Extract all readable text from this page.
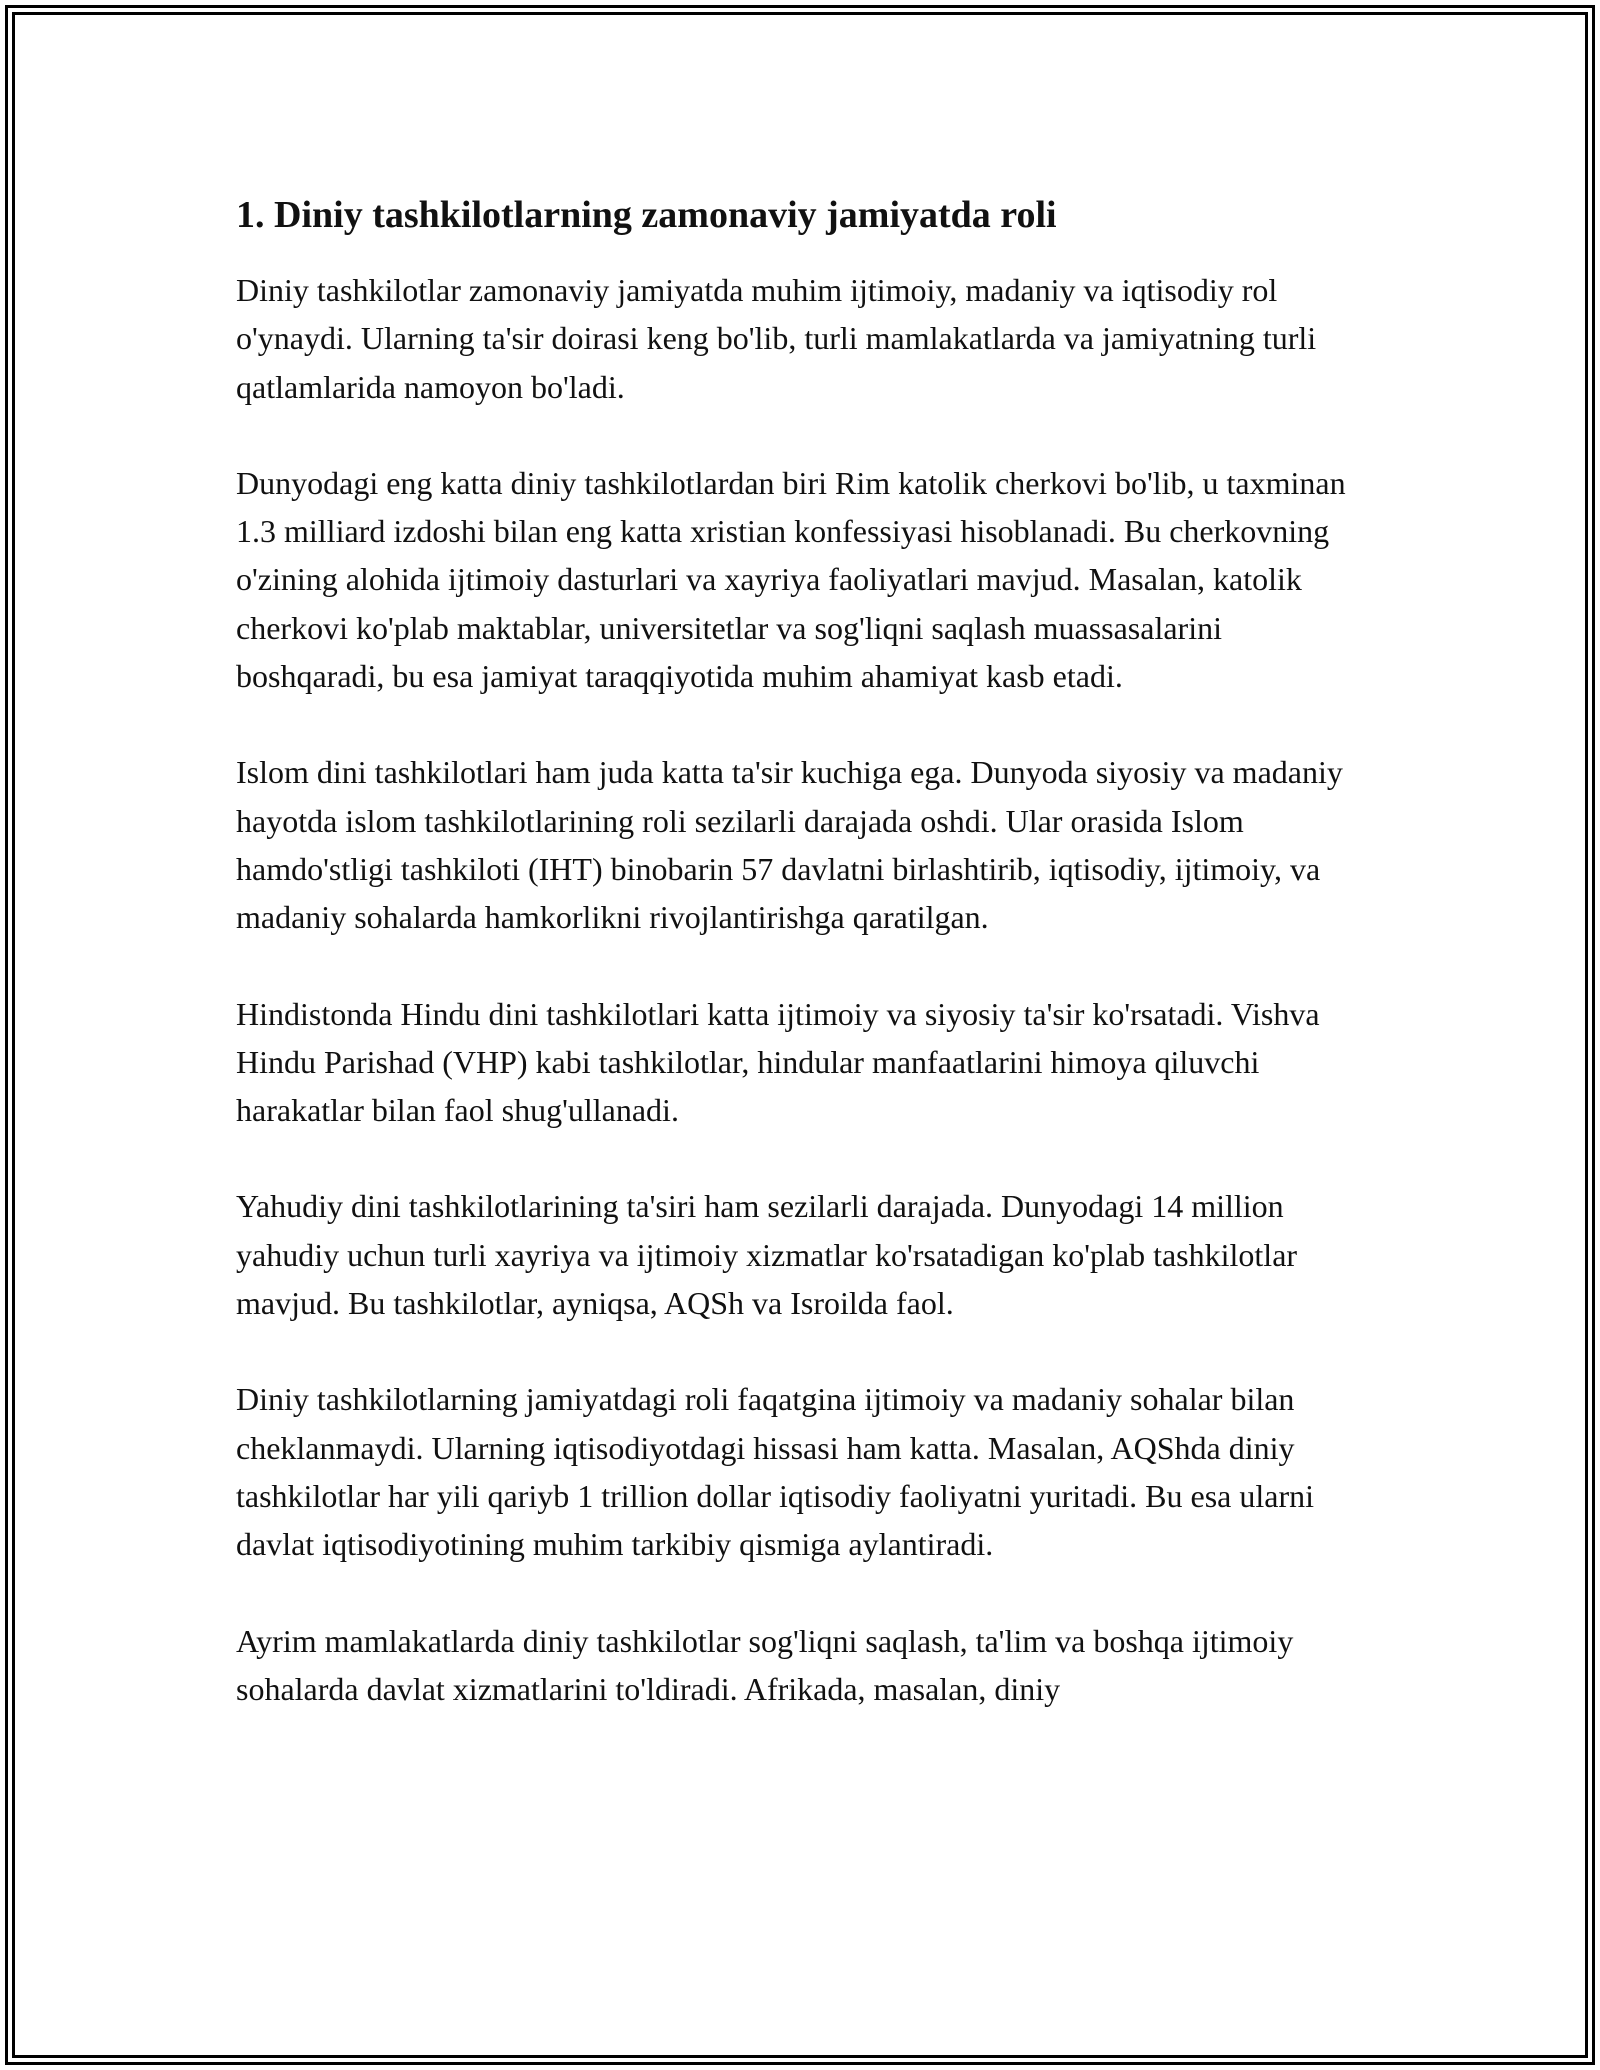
1. Diniy tashkilotlarning zamonaviy jamiyatda roli

Diniy tashkilotlar zamonaviy jamiyatda muhim ijtimoiy, madaniy va iqtisodiy rol o'ynaydi. Ularning ta'sir doirasi keng bo'lib, turli mamlakatlarda va jamiyatning turli qatlamlarida namoyon bo'ladi.

Dunyodagi eng katta diniy tashkilotlardan biri Rim katolik cherkovi bo'lib, u taxminan 1.3 milliard izdoshi bilan eng katta xristian konfessiyasi hisoblanadi. Bu cherkovning o'zining alohida ijtimoiy dasturlari va xayriya faoliyatlari mavjud. Masalan, katolik cherkovi ko'plab maktablar, universitetlar va sog'liqni saqlash muassasalarini boshqaradi, bu esa jamiyat taraqqiyotida muhim ahamiyat kasb etadi.

Islom dini tashkilotlari ham juda katta ta'sir kuchiga ega. Dunyoda siyosiy va madaniy hayotda islom tashkilotlarining roli sezilarli darajada oshdi. Ular orasida Islom hamdo'stligi tashkiloti (IHT) binobarin 57 davlatni birlashtirib, iqtisodiy, ijtimoiy, va madaniy sohalarda hamkorlikni rivojlantirishga qaratilgan.

Hindistonda Hindu dini tashkilotlari katta ijtimoiy va siyosiy ta'sir ko'rsatadi. Vishva Hindu Parishad (VHP) kabi tashkilotlar, hindular manfaatlarini himoya qiluvchi harakatlar bilan faol shug'ullanadi.

Yahudiy dini tashkilotlarining ta'siri ham sezilarli darajada. Dunyodagi 14 million yahudiy uchun turli xayriya va ijtimoiy xizmatlar ko'rsatadigan ko'plab tashkilotlar mavjud. Bu tashkilotlar, ayniqsa, AQSh va Isroilda faol.

Diniy tashkilotlarning jamiyatdagi roli faqatgina ijtimoiy va madaniy sohalar bilan cheklanmaydi. Ularning iqtisodiyotdagi hissasi ham katta. Masalan, AQShda diniy tashkilotlar har yili qariyb 1 trillion dollar iqtisodiy faoliyatni yuritadi. Bu esa ularni davlat iqtisodiyotining muhim tarkibiy qismiga aylantiradi.

Ayrim mamlakatlarda diniy tashkilotlar sog'liqni saqlash, ta'lim va boshqa ijtimoiy sohalarda davlat xizmatlarini to'ldiradi. Afrikada, masalan, diniy
